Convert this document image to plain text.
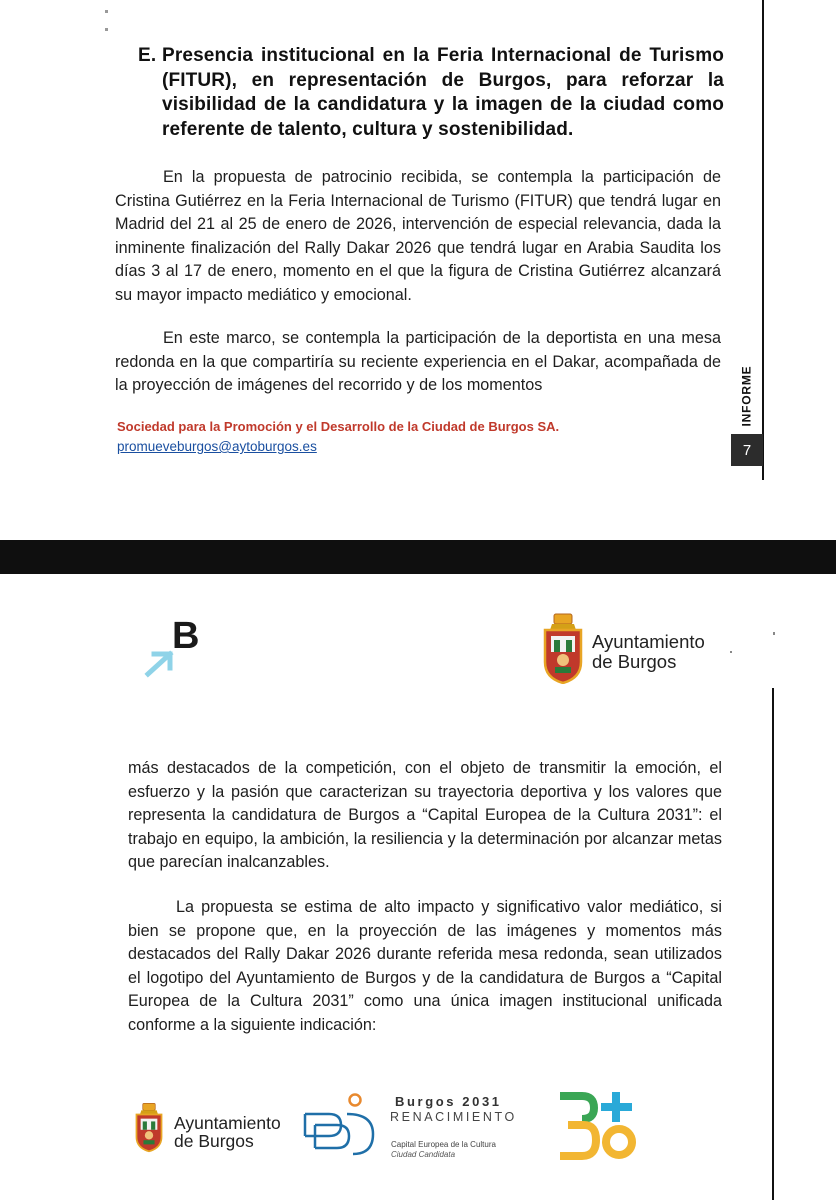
E. Presencia institucional en la Feria Internacional de Turismo (FITUR), en representación de Burgos, para reforzar la visibilidad de la candidatura y la imagen de la ciudad como referente de talento, cultura y sostenibilidad.
En la propuesta de patrocinio recibida, se contempla la participación de Cristina Gutiérrez en la Feria Internacional de Turismo (FITUR) que tendrá lugar en Madrid del 21 al 25 de enero de 2026, intervención de especial relevancia, dada la inminente finalización del Rally Dakar 2026 que tendrá lugar en Arabia Saudita los días 3 al 17 de enero, momento en el que la figura de Cristina Gutiérrez alcanzará su mayor impacto mediático y emocional.
En este marco, se contempla la participación de la deportista en una mesa redonda en la que compartiría su reciente experiencia en el Dakar, acompañada de la proyección de imágenes del recorrido y de los momentos
Sociedad para la Promoción y el Desarrollo de la Ciudad de Burgos SA.
promueveburgos@aytoburgos.es
INFORME
7
B	Ayuntamiento
de Burgos
más destacados de la competición, con el objeto de transmitir la emoción, el esfuerzo y la pasión que caracterizan su trayectoria deportiva y los valores que representa la candidatura de Burgos a “Capital Europea de la Cultura 2031”: el trabajo en equipo, la ambición, la resiliencia y la determinación por alcanzar metas que parecían inalcanzables.
La propuesta se estima de alto impacto y significativo valor mediático, si bien se propone que, en la proyección de las imágenes y momentos más destacados del Rally Dakar 2026 durante referida mesa redonda, sean utilizados el logotipo del Ayuntamiento de Burgos y de la candidatura de Burgos a “Capital Europea de la Cultura 2031” como una única imagen institucional unificada conforme a la siguiente indicación:
Ayuntamiento
de Burgos
Burgos 2031
RENACIMIENTO
Capital Europea de la Cultura
Ciudad Candidata
